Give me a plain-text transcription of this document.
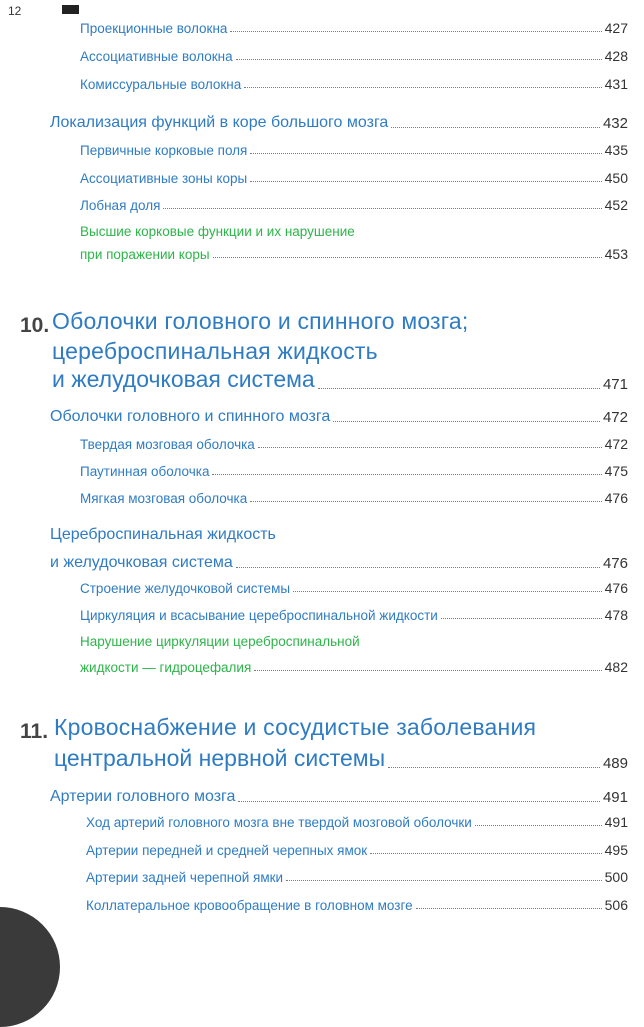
12
Проекционные волокна	427
Ассоциативные волокна	428
Комиссуральные волокна	431
Локализация функций в коре большого мозга	432
Первичные корковые поля	435
Ассоциативные зоны коры	450
Лобная доля	452
Высшие корковые функции и их нарушение
при поражении коры	453
10. Оболочки головного и спинного мозга;
цереброспинальная жидкость
и желудочковая система	471
Оболочки головного и спинного мозга	472
Твердая мозговая оболочка	472
Паутинная оболочка	475
Мягкая мозговая оболочка	476
Цереброспинальная жидкость
и желудочковая система	476
Строение желудочковой системы	476
Циркуляция и всасывание цереброспинальной жидкости	478
Нарушение циркуляции цереброспинальной
жидкости — гидроцефалия	482
11. Кровоснабжение и сосудистые заболевания
центральной нервной системы	489
Артерии головного мозга	491
Ход артерий головного мозга вне твердой мозговой оболочки	491
Артерии передней и средней черепных ямок	495
Артерии задней черепной ямки	500
Коллатеральное кровообращение в головном мозге	506
